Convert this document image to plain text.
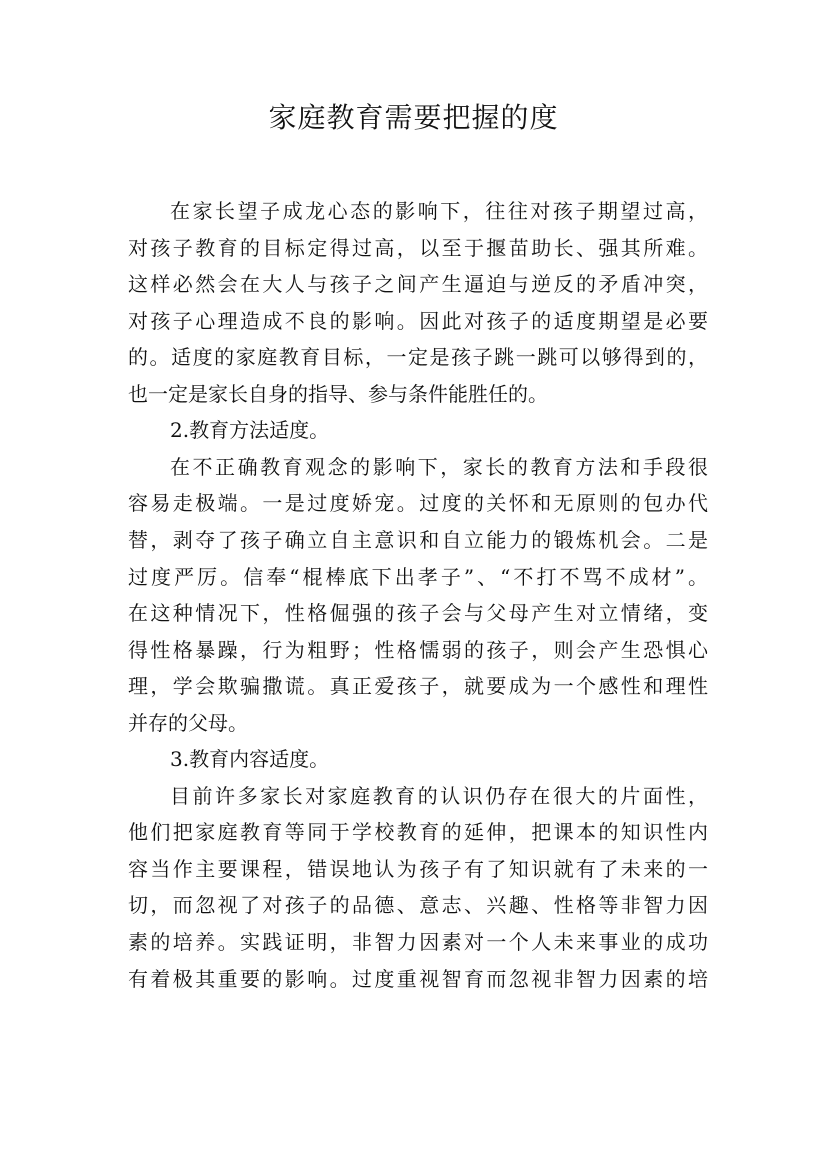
家庭教育需要把握的度
在家长望子成龙心态的影响下，往往对孩子期望过高，
对孩子教育的目标定得过高，以至于揠苗助长、强其所难。
这样必然会在大人与孩子之间产生逼迫与逆反的矛盾冲突，
对孩子心理造成不良的影响。因此对孩子的适度期望是必要
的。适度的家庭教育目标，一定是孩子跳一跳可以够得到的，
也一定是家长自身的指导、参与条件能胜任的。
2.教育方法适度。
在不正确教育观念的影响下，家长的教育方法和手段很
容易走极端。一是过度娇宠。过度的关怀和无原则的包办代
替，剥夺了孩子确立自主意识和自立能力的锻炼机会。二是
过度严厉。信奉“棍棒底下出孝子”、“不打不骂不成材”。
在这种情况下，性格倔强的孩子会与父母产生对立情绪，变
得性格暴躁，行为粗野；性格懦弱的孩子，则会产生恐惧心
理，学会欺骗撒谎。真正爱孩子，就要成为一个感性和理性
并存的父母。
3.教育内容适度。
目前许多家长对家庭教育的认识仍存在很大的片面性，
他们把家庭教育等同于学校教育的延伸，把课本的知识性内
容当作主要课程，错误地认为孩子有了知识就有了未来的一
切，而忽视了对孩子的品德、意志、兴趣、性格等非智力因
素的培养。实践证明，非智力因素对一个人未来事业的成功
有着极其重要的影响。过度重视智育而忽视非智力因素的培
